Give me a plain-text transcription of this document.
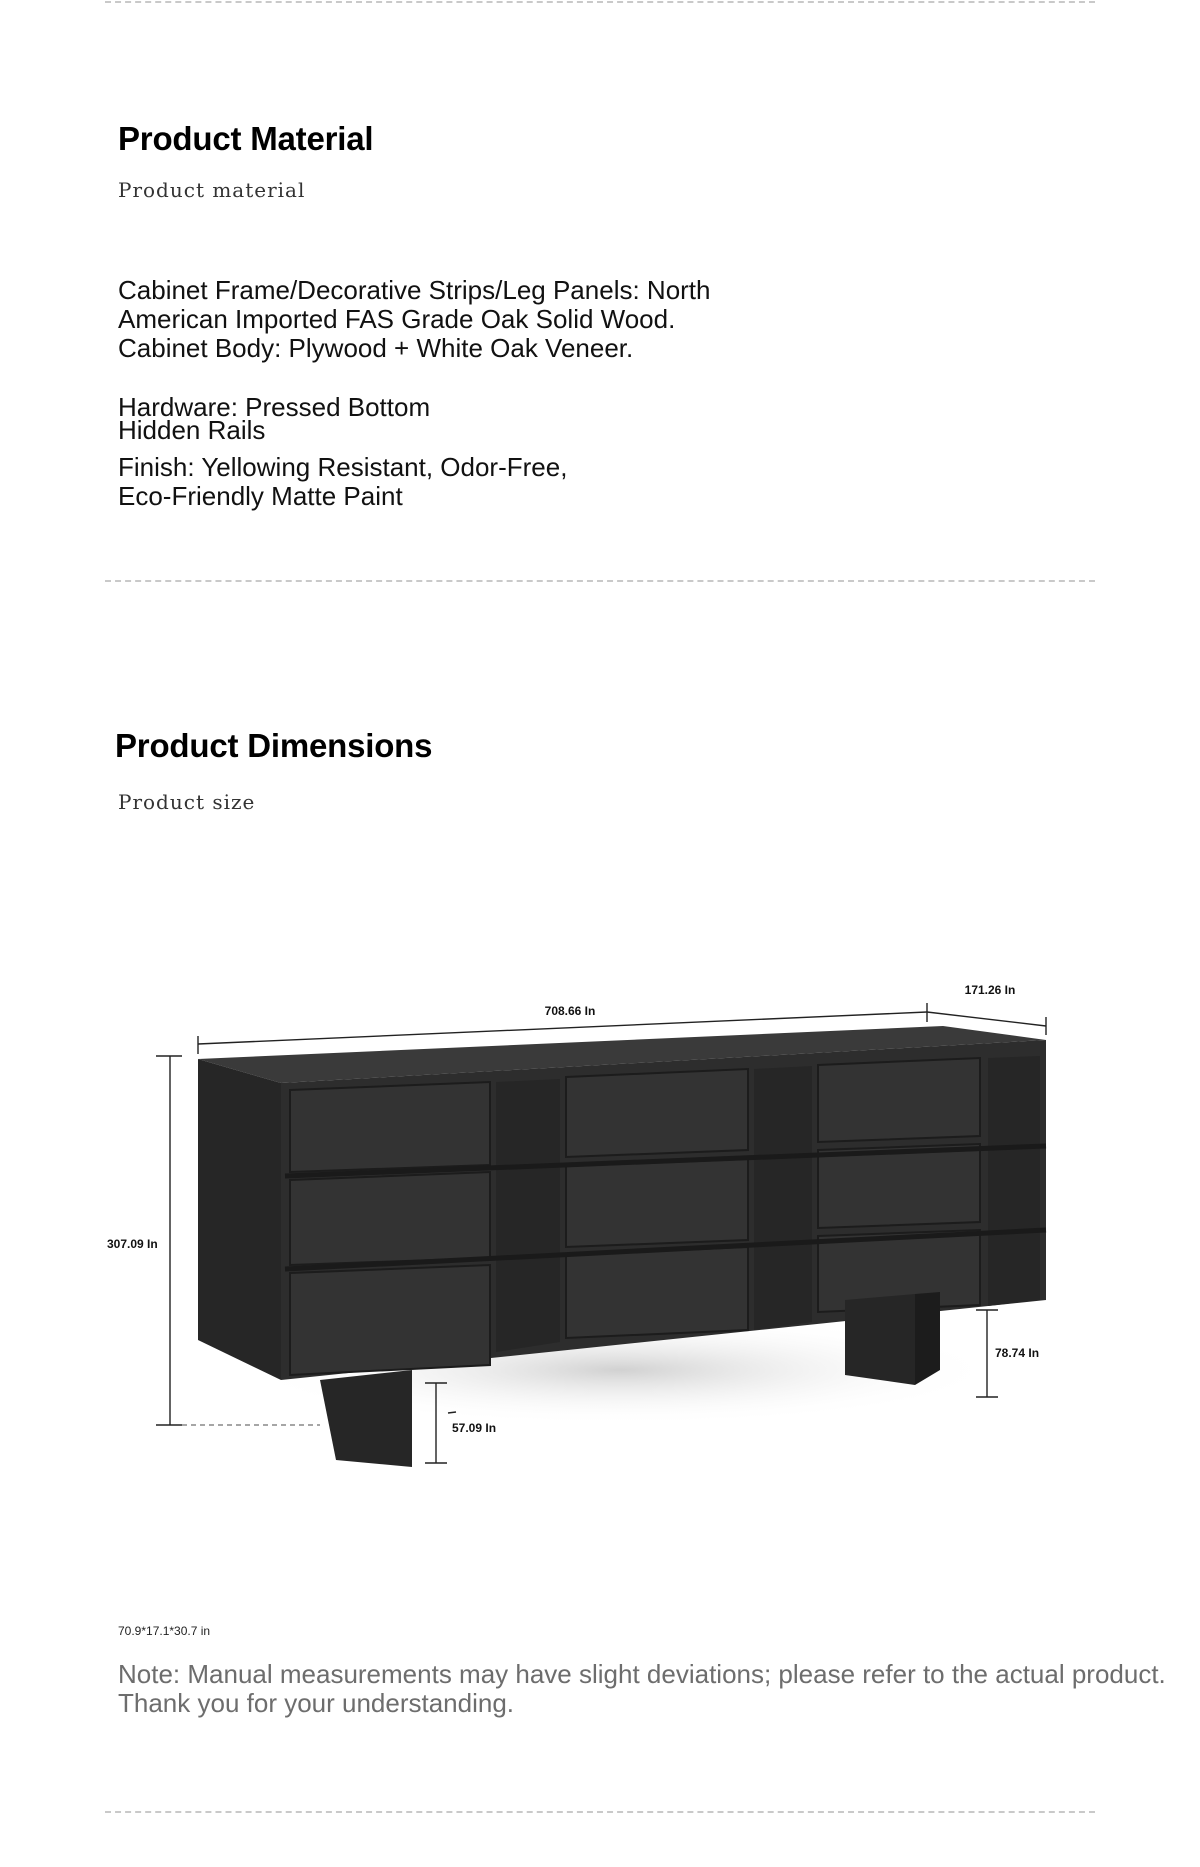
Product Material
Product material
Cabinet Frame/Decorative Strips/Leg Panels: North
American Imported FAS Grade Oak Solid Wood.
Cabinet Body: Plywood + White Oak Veneer.
Hardware: Pressed Bottom
Hidden Rails
Finish: Yellowing Resistant, Odor-Free,
Eco-Friendly Matte Paint
Product Dimensions
Product size
708.66 In
171.26 In
307.09 In
78.74 In
57.09 In
70.9*17.1*30.7 in
Note: Manual measurements may have slight deviations; please refer to the actual product.
Thank you for your understanding.
